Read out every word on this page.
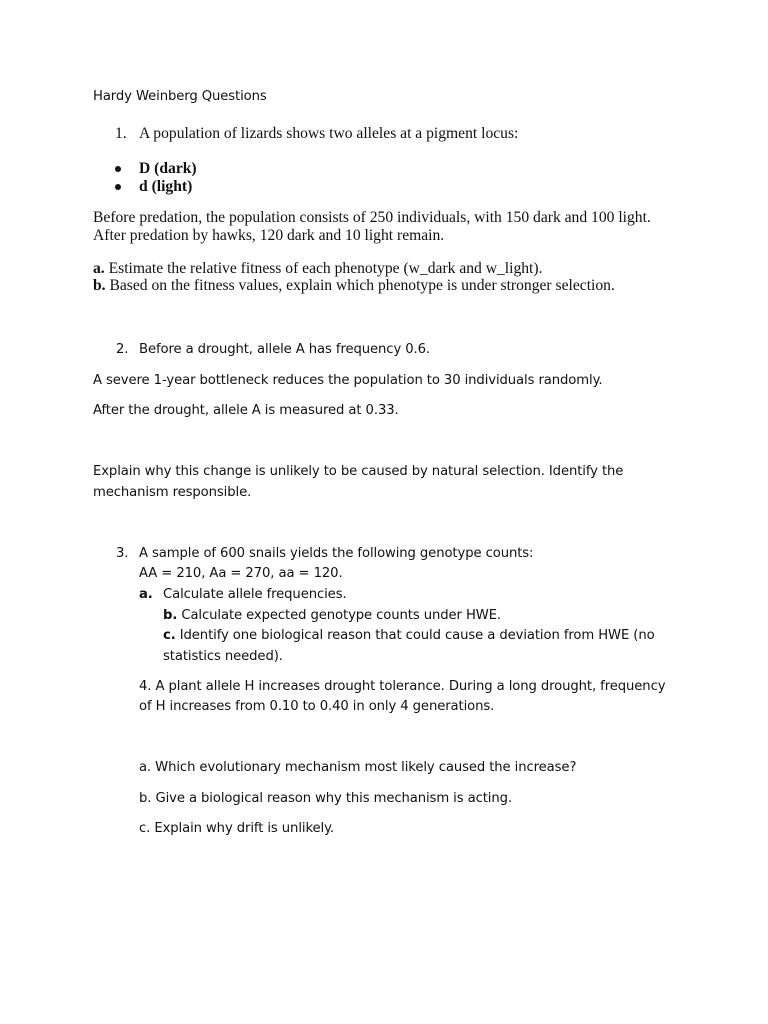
Hardy Weinberg Questions
1. A population of lizards shows two alleles at a pigment locus:
D (dark)
d (light)
Before predation, the population consists of 250 individuals, with 150 dark and 100 light.
After predation by hawks, 120 dark and 10 light remain.
a. Estimate the relative fitness of each phenotype (w_dark and w_light).
b. Based on the fitness values, explain which phenotype is under stronger selection.
2. Before a drought, allele A has frequency 0.6.
A severe 1-year bottleneck reduces the population to 30 individuals randomly.
After the drought, allele A is measured at 0.33.
Explain why this change is unlikely to be caused by natural selection. Identify the
mechanism responsible.
3. A sample of 600 snails yields the following genotype counts:
AA = 210, Aa = 270, aa = 120.
a. Calculate allele frequencies.
b. Calculate expected genotype counts under HWE.
c. Identify one biological reason that could cause a deviation from HWE (no
statistics needed).
4. A plant allele H increases drought tolerance. During a long drought, frequency
of H increases from 0.10 to 0.40 in only 4 generations.
a. Which evolutionary mechanism most likely caused the increase?
b. Give a biological reason why this mechanism is acting.
c. Explain why drift is unlikely.
